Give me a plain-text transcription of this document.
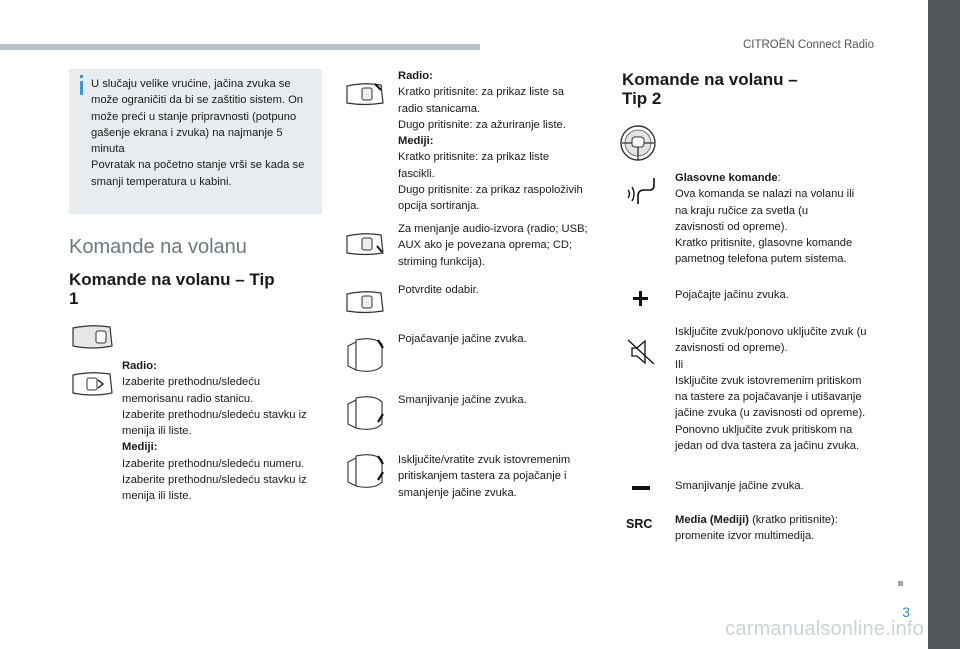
CITROËN Connect Radio
3
carmanualsonline.info
U slučaju velike vrućine, jačina zvuka se može ograničiti da bi se zaštitio sistem. On može preći u stanje pripravnosti (potpuno gašenje ekrana i zvuka) na najmanje 5 minuta
Povratak na početno stanje vrši se kada se smanji temperatura u kabini.
Komande na volanu
Komande na volanu – Tip 1
Radio:
Izaberite prethodnu/sledeću memorisanu radio stanicu.
Izaberite prethodnu/sledeću stavku iz menija ili liste.
Mediji:
Izaberite prethodnu/sledeću numeru.
Izaberite prethodnu/sledeću stavku iz menija ili liste.
Radio:
Kratko pritisnite: za prikaz liste sa radio stanicama.
Dugo pritisnite: za ažuriranje liste.
Mediji:
Kratko pritisnite: za prikaz liste fascikli.
Dugo pritisnite: za prikaz raspoloživih opcija sortiranja.
Za menjanje audio-izvora (radio; USB; AUX ako je povezana oprema; CD; striming funkcija).
Potvrdite odabir.
Pojačavanje jačine zvuka.
Smanjivanje jačine zvuka.
Isključite/vratite zvuk istovremenim pritiskanjem tastera za pojačanje i smanjenje jačine zvuka.
Komande na volanu – Tip 2
Glasovne komande:
Ova komanda se nalazi na volanu ili na kraju ručice za svetla (u zavisnosti od opreme).
Kratko pritisnite, glasovne komande pametnog telefona putem sistema.
Pojačajte jačinu zvuka.
Isključite zvuk/ponovo uključite zvuk (u zavisnosti od opreme).
Ili
Isključite zvuk istovremenim pritiskom na tastere za pojačavanje i utišavanje jačine zvuka (u zavisnosti od opreme).
Ponovno uključite zvuk pritiskom na jedan od dva tastera za jačinu zvuka.
Smanjivanje jačine zvuka.
SRC Media (Mediji) (kratko pritisnite): promenite izvor multimedija.
